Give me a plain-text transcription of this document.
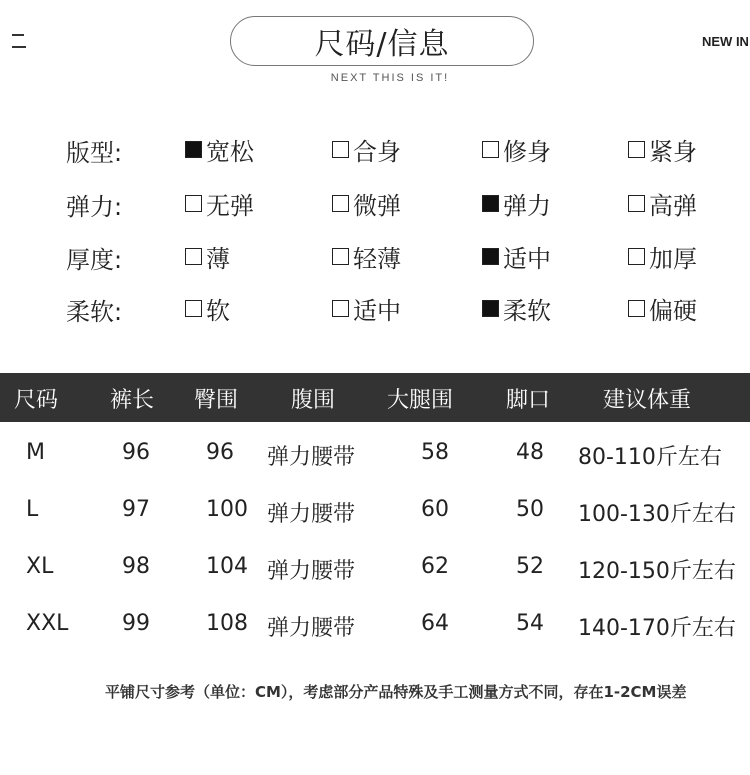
尺码/信息
NEXT THIS IS IT!
NEW IN
版型:	宽松	合身	修身	紧身
弹力:	无弹	微弹	弹力	高弹
厚度:	薄	轻薄	适中	加厚
柔软:	软	适中	柔软	偏硬
尺码 裤长 臀围 腹围 大腿围 脚口 建议体重
M	96	96 弹力腰带	58	48 80-110斤左右
L	97	100 弹力腰带	60	50 100-130斤左右
XL	98	104 弹力腰带	62	52 120-150斤左右
XXL 99	108 弹力腰带	64	54 140-170斤左右
平铺尺寸参考（单位：CM），考虑部分产品特殊及手工测量方式不同，存在1-2CM误差
